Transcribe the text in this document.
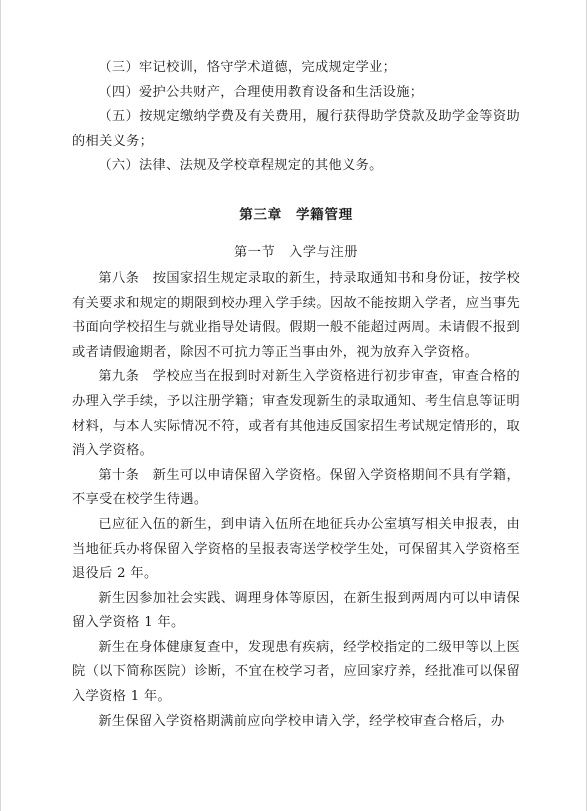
（三）牢记校训，恪守学术道德，完成规定学业；

（四）爱护公共财产，合理使用教育设备和生活设施；

（五）按规定缴纳学费及有关费用，履行获得助学贷款及助学金等资助的相关义务；

（六）法律、法规及学校章程规定的其他义务。

第三章　学籍管理
第一节　入学与注册

第八条　按国家招生规定录取的新生，持录取通知书和身份证，按学校有关要求和规定的期限到校办理入学手续。因故不能按期入学者，应当事先书面向学校招生与就业指导处请假。假期一般不能超过两周。未请假不报到或者请假逾期者，除因不可抗力等正当事由外，视为放弃入学资格。

第九条　学校应当在报到时对新生入学资格进行初步审查，审查合格的办理入学手续，予以注册学籍；审查发现新生的录取通知、考生信息等证明材料，与本人实际情况不符，或者有其他违反国家招生考试规定情形的，取消入学资格。

第十条　新生可以申请保留入学资格。保留入学资格期间不具有学籍，不享受在校学生待遇。

已应征入伍的新生，到申请入伍所在地征兵办公室填写相关申报表，由当地征兵办将保留入学资格的呈报表寄送学校学生处，可保留其入学资格至退役后 2 年。

新生因参加社会实践、调理身体等原因，在新生报到两周内可以申请保留入学资格 1 年。

新生在身体健康复查中，发现患有疾病，经学校指定的二级甲等以上医院（以下简称医院）诊断，不宜在校学习者，应回家疗养，经批准可以保留入学资格 1 年。

新生保留入学资格期满前应向学校申请入学，经学校审查合格后，办
